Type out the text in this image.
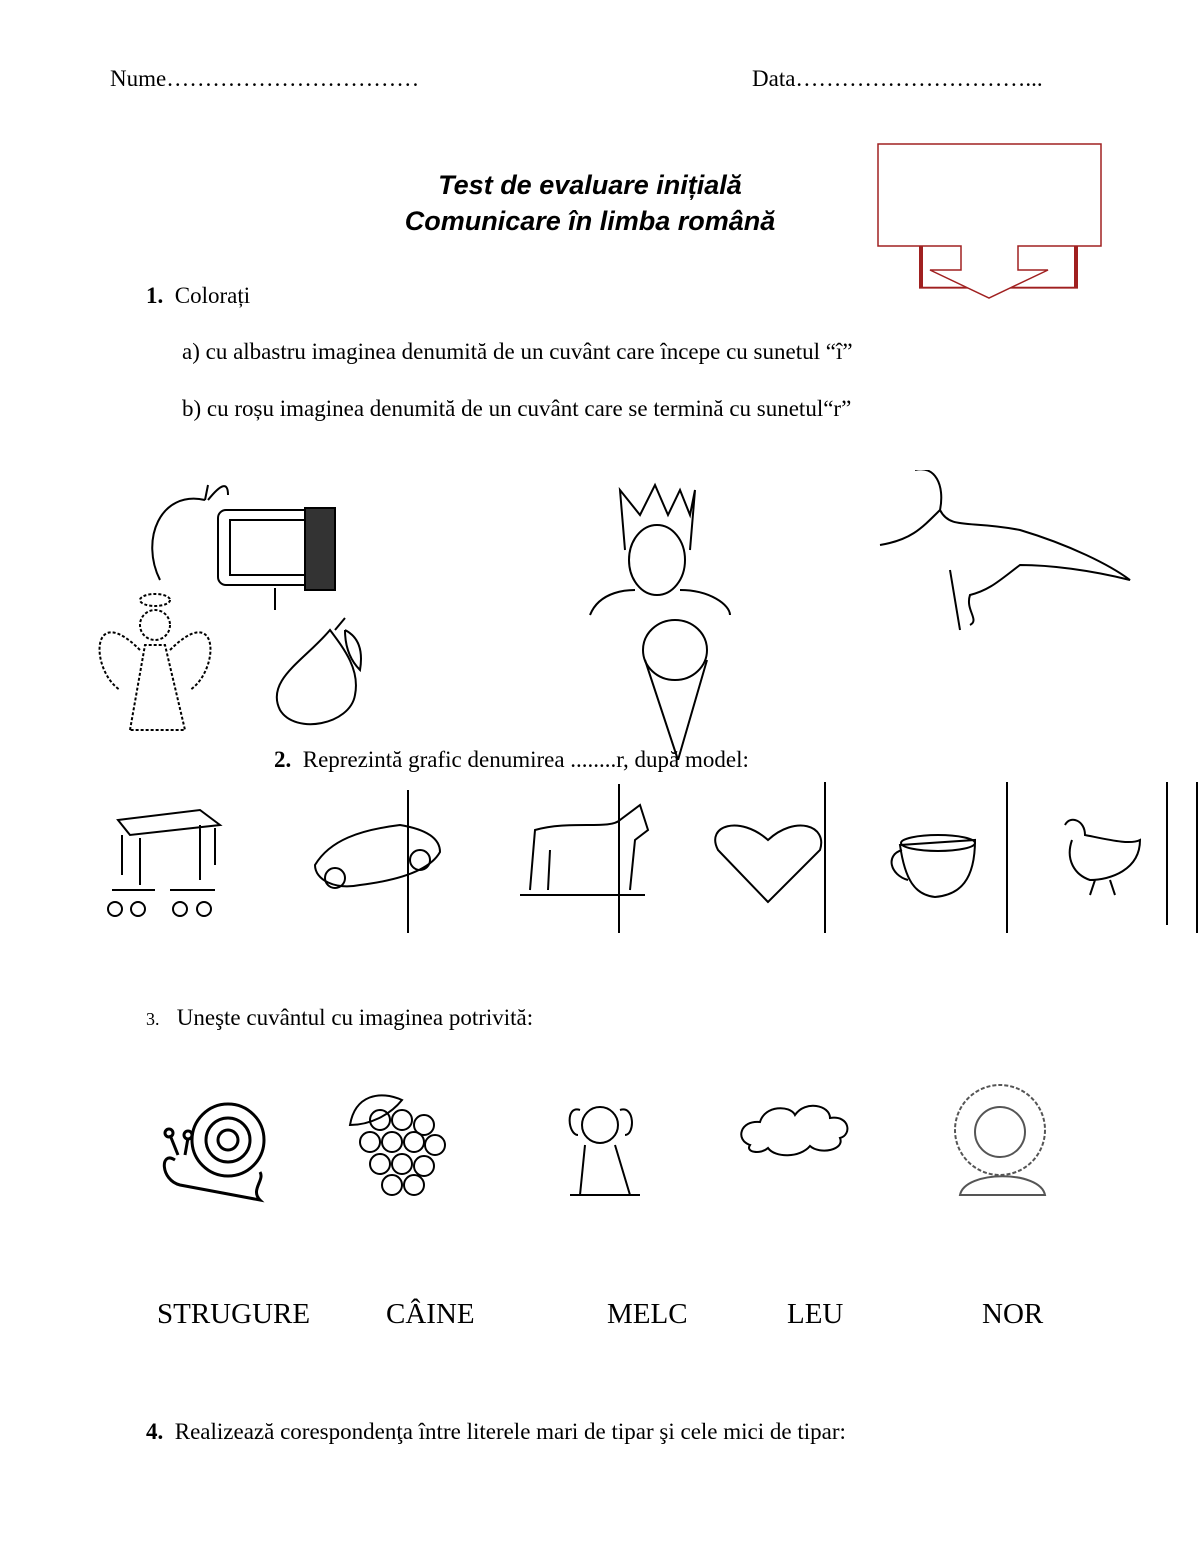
Nume……………………………	Data…………………………...
Test de evaluare inițială
Comunicare în limba română
1. Colorați
a) cu albastru imaginea denumită de un cuvânt care începe cu sunetul “î”
b) cu roșu imaginea denumită de un cuvânt care se termină cu sunetul“r”
2. Reprezintă grafic denumirea ........r, după model:
3. Uneşte cuvântul cu imaginea potrivită:
STRUGURE	CÂINE	MELC	LEU	NOR
4. Realizează corespondenţa între literele mari de tipar şi cele mici de tipar:
